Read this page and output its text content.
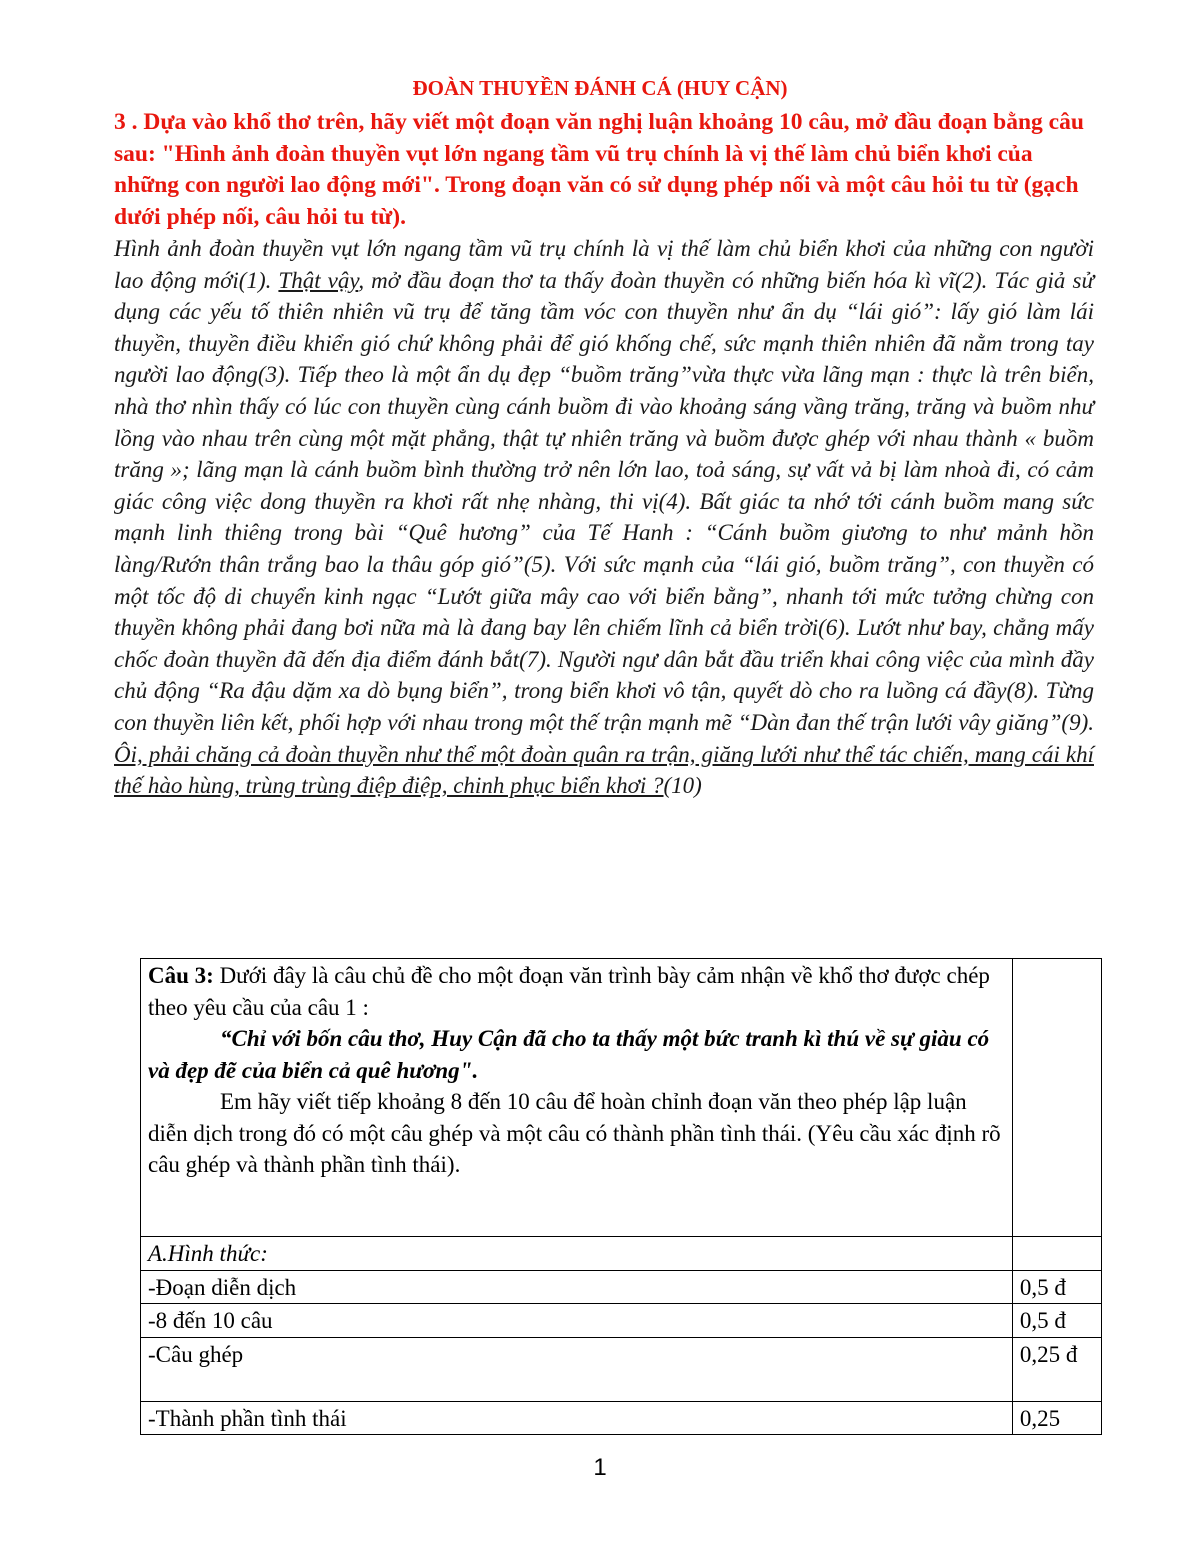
ĐOÀN THUYỀN ĐÁNH CÁ (HUY CẬN)
3 . Dựa vào khổ thơ trên, hãy viết một đoạn văn nghị luận khoảng 10 câu, mở đầu đoạn bằng câu sau: "Hình ảnh đoàn thuyền vụt lớn ngang tầm vũ trụ chính là vị thế làm chủ biển khơi của những con người lao động mới". Trong đoạn văn có sử dụng phép nối và một câu hỏi tu từ (gạch dưới phép nối, câu hỏi tu từ).
Hình ảnh đoàn thuyền vụt lớn ngang tầm vũ trụ chính là vị thế làm chủ biển khơi của những con người lao động mới(1). Thật vậy, mở đầu đoạn thơ ta thấy đoàn thuyền có những biến hóa kì vĩ(2). Tác giả sử dụng các yếu tố thiên nhiên vũ trụ để tăng tầm vóc con thuyền như ẩn dụ “lái gió”: lấy gió làm lái thuyền, thuyền điều khiển gió chứ không phải để gió khống chế, sức mạnh thiên nhiên đã nằm trong tay người lao động(3). Tiếp theo là một ẩn dụ đẹp “buồm trăng”vừa thực vừa lãng mạn : thực là trên biển, nhà thơ nhìn thấy có lúc con thuyền cùng cánh buồm đi vào khoảng sáng vầng trăng, trăng và buồm như lồng vào nhau trên cùng một mặt phẳng, thật tự nhiên trăng và buồm được ghép với nhau thành « buồm trăng »; lãng mạn là cánh buồm bình thường trở nên lớn lao, toả sáng, sự vất vả bị làm nhoà đi, có cảm giác công việc dong thuyền ra khơi rất nhẹ nhàng, thi vị(4). Bất giác ta nhớ tới cánh buồm mang sức mạnh linh thiêng trong bài “Quê hương” của Tế Hanh : “Cánh buồm giương to như mảnh hồn làng/Rướn thân trắng bao la thâu góp gió”(5). Với sức mạnh của “lái gió, buồm trăng”, con thuyền có một tốc độ di chuyển kinh ngạc “Lướt giữa mây cao với biển bằng”, nhanh tới mức tưởng chừng con thuyền không phải đang bơi nữa mà là đang bay lên chiếm lĩnh cả biển trời(6). Lướt như bay, chẳng mấy chốc đoàn thuyền đã đến địa điểm đánh bắt(7). Người ngư dân bắt đầu triển khai công việc của mình đầy chủ động “Ra đậu dặm xa dò bụng biển”, trong biển khơi vô tận, quyết dò cho ra luồng cá đầy(8). Từng con thuyền liên kết, phối hợp với nhau trong một thế trận mạnh mẽ “Dàn đan thế trận lưới vây giăng”(9). Ôi, phải chăng cả đoàn thuyền như thể một đoàn quân ra trận, giăng lưới như thể tác chiến, mang cái khí thế hào hùng, trùng trùng điệp điệp, chinh phục biển khơi ?(10)

Câu 3: Dưới đây là câu chủ đề cho một đoạn văn trình bày cảm nhận về khổ thơ được chép theo yêu cầu của câu 1 :

“Chỉ với bốn câu thơ, Huy Cận đã cho ta thấy một bức tranh kì thú về sự giàu có và đẹp đẽ của biển cả quê hương".

Em hãy viết tiếp khoảng 8 đến 10 câu để hoàn chỉnh đoạn văn theo phép lập luận diễn dịch trong đó có một câu ghép và một câu có thành phần tình thái. (Yêu cầu xác định rõ câu ghép và thành phần tình thái).	

A.Hình thức:	
-Đoạn diễn dịch	0,5 đ
-8 đến 10 câu	0,5 đ
-Câu ghép	0,25 đ
-Thành phần tình thái	0,25
1
